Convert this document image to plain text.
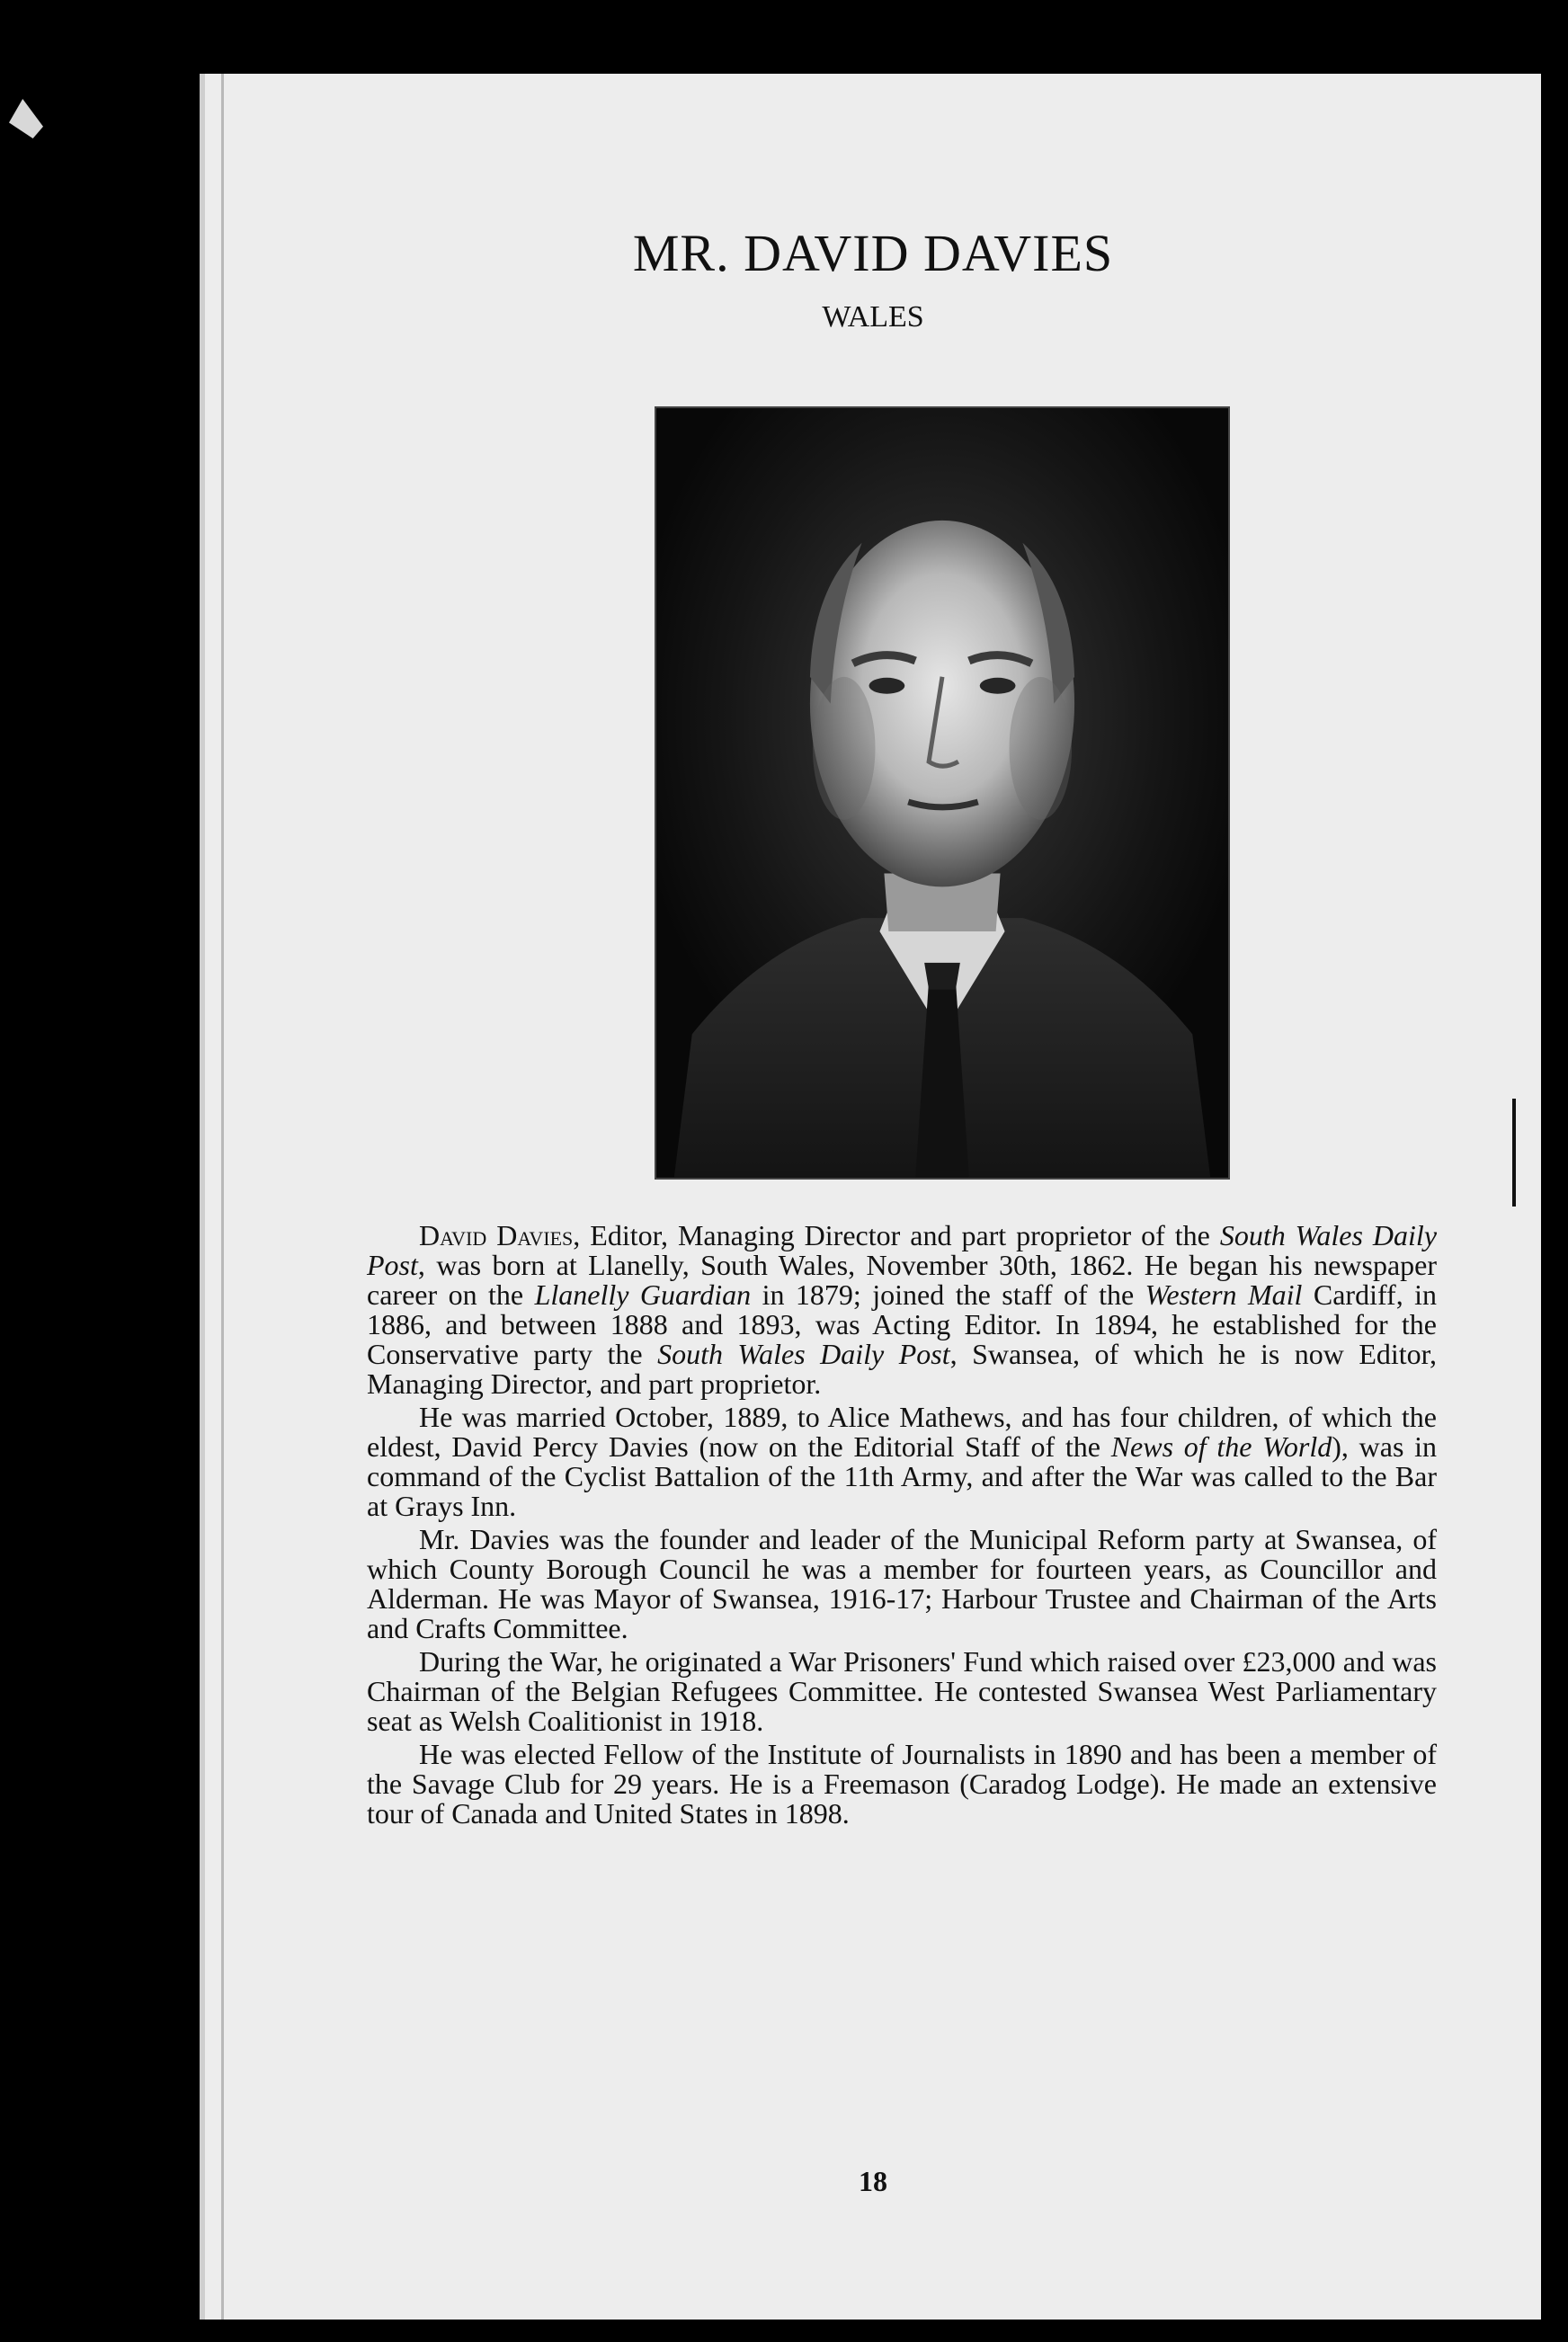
MR. DAVID DAVIES
WALES

David Davies, Editor, Managing Director and part proprietor of the South Wales Daily Post, was born at Llanelly, South Wales, November 30th, 1862. He began his newspaper career on the Llanelly Guardian in 1879; joined the staff of the Western Mail Cardiff, in 1886, and between 1888 and 1893, was Acting Editor. In 1894, he established for the Conservative party the South Wales Daily Post, Swansea, of which he is now Editor, Managing Director, and part proprietor.

He was married October, 1889, to Alice Mathews, and has four children, of which the eldest, David Percy Davies (now on the Editorial Staff of the News of the World), was in command of the Cyclist Battalion of the 11th Army, and after the War was called to the Bar at Grays Inn.

Mr. Davies was the founder and leader of the Municipal Reform party at Swansea, of which County Borough Council he was a member for fourteen years, as Councillor and Alderman. He was Mayor of Swansea, 1916-17; Harbour Trustee and Chairman of the Arts and Crafts Committee.

During the War, he originated a War Prisoners' Fund which raised over £23,000 and was Chairman of the Belgian Refugees Committee. He contested Swansea West Parliamentary seat as Welsh Coalitionist in 1918.

He was elected Fellow of the Institute of Journalists in 1890 and has been a member of the Savage Club for 29 years. He is a Freemason (Caradog Lodge). He made an extensive tour of Canada and United States in 1898.

18
